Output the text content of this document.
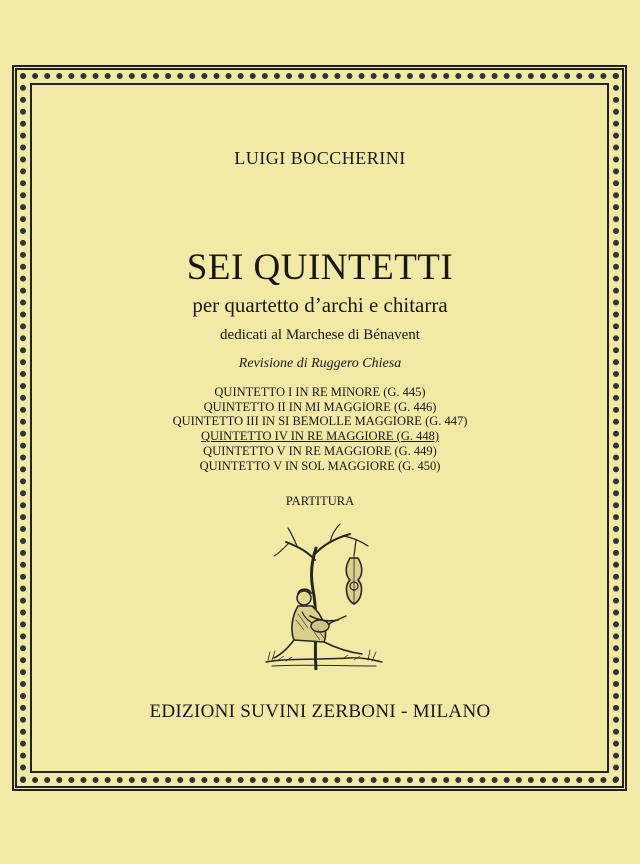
LUIGI BOCCHERINI
SEI QUINTETTI
per quartetto d’archi e chitarra
dedicati al Marchese di Bénavent
Revisione di Ruggero Chiesa
QUINTETTO I IN RE MINORE (G. 445)
QUINTETTO II IN MI MAGGIORE (G. 446)
QUINTETTO III IN SI BEMOLLE MAGGIORE (G. 447)
QUINTETTO IV IN RE MAGGIORE (G. 448)
QUINTETTO V IN RE MAGGIORE (G. 449)
QUINTETTO V IN SOL MAGGIORE (G. 450)
PARTITURA
EDIZIONI SUVINI ZERBONI - MILANO
